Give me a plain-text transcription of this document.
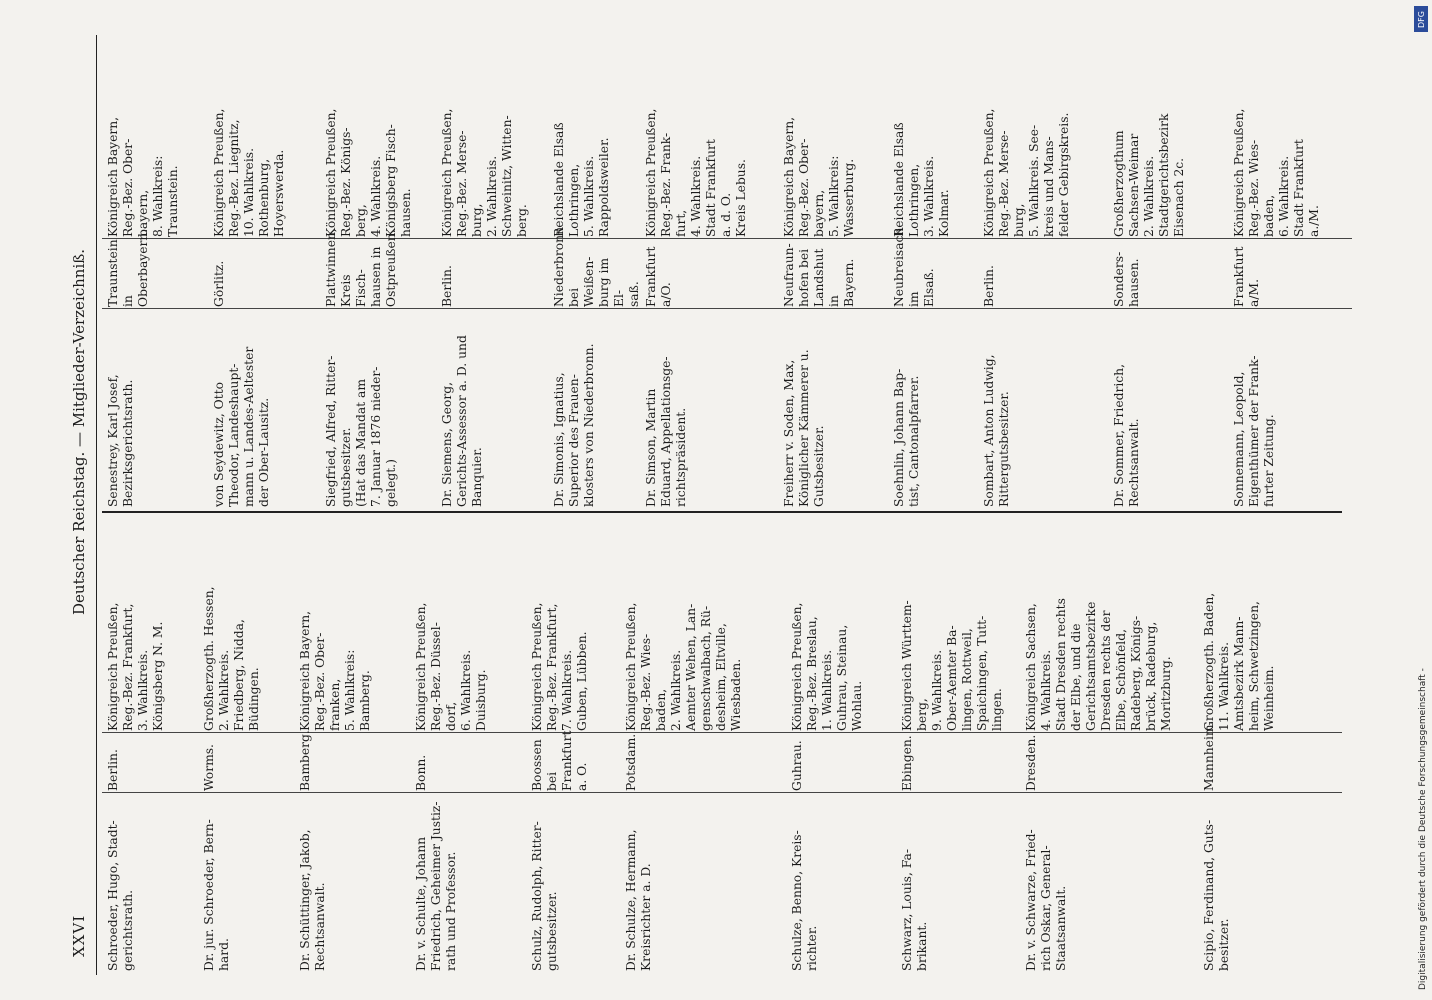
XXVI
Deutscher Reichstag. — Mitglieder-Verzeichniß.
Schroeder, Hugo, Stadt-
gerichtsrath.
Berlin.
Königreich Preußen,
Reg.-Bez. Frankfurt,
3. Wahlkreis.
Königsberg N. M.
Dr. jur. Schroeder, Bern-
hard.
Worms.
Großherzogth. Hessen,
2. Wahlkreis.
Friedberg, Nidda,
Büdingen.
Dr. Schüttinger, Jakob,
Rechtsanwalt.
Bamberg.
Königreich Bayern,
Reg.-Bez. Ober-
franken,
5. Wahlkreis:
Bamberg.
Dr. v. Schulte, Johann
Friedrich, Geheimer Justiz-
rath und Professor.
Bonn.
Königreich Preußen,
Reg.-Bez. Düssel-
dorf,
6. Wahlkreis.
Duisburg.
Schulz, Rudolph, Ritter-
gutsbesitzer.
Boossen bei
Frankfurt a. O.
Königreich Preußen,
Reg.-Bez. Frankfurt,
7. Wahlkreis.
Guben, Lübben.
Dr. Schulze, Hermann,
Kreisrichter a. D.
Potsdam.
Königreich Preußen,
Reg.-Bez. Wies-
baden,
2. Wahlkreis.
Aemter Wehen, Lan-
genschwalbach, Rü-
desheim, Eltville,
Wiesbaden.
Schulze, Benno, Kreis-
richter.
Guhrau.
Königreich Preußen,
Reg.-Bez. Breslau,
1. Wahlkreis.
Guhrau, Steinau,
Wohlau.
Schwarz, Louis, Fa-
brikant.
Ebingen.
Königreich Württem-
berg,
9. Wahlkreis.
Ober-Aemter Ba-
lingen, Rottweil,
Spaichingen, Tutt-
lingen.
Dr. v. Schwarze, Fried-
rich Oskar, General-
Staatsanwalt.
Dresden.
Königreich Sachsen,
4. Wahlkreis.
Stadt Dresden rechts
der Elbe, und die
Gerichtsamtsbezirke
Dresden rechts der
Elbe, Schönfeld,
Radeberg, Königs-
brück, Radeburg,
Moritzburg.
Scipio, Ferdinand, Guts-
besitzer.
Mannheim.
Großherzogth. Baden,
11. Wahlkreis.
Amtsbezirk Mann-
heim, Schwetzingen,
Weinheim.
Senestrey, Karl Josef,
Bezirksgerichtsrath.
Traunstein in
Oberbayern.
Königreich Bayern,
Reg.-Bez. Ober-
bayern,
8. Wahlkreis:
Traunstein.
von Seydewitz, Otto
Theodor, Landeshaupt-
mann u. Landes-Aeltester
der Ober-Lausitz.
Görlitz.
Königreich Preußen,
Reg.-Bez. Liegnitz,
10. Wahlkreis.
Rothenburg,
Hoyerswerda.
Siegfried, Alfred, Ritter-
gutsbesitzer.
(Hat das Mandat am
7. Januar 1876 nieder-
gelegt.)
Plattwinnen,
Kreis Fisch-
hausen in
Ostpreußen.
Königreich Preußen,
Reg.-Bez. Königs-
berg,
4. Wahlkreis.
Königsberg Fisch-
hausen.
Dr. Siemens, Georg,
Gerichts-Assessor a. D. und
Banquier.
Berlin.
Königreich Preußen,
Reg.-Bez. Merse-
burg,
2. Wahlkreis.
Schweinitz, Witten-
berg.
Dr. Simonis, Ignatius,
Superior des Frauen-
klosters von Niederbronn.
Niederbronn
bei Weißen-
burg im El-
saß.
Reichslande Elsaß
Lothringen,
5. Wahlkreis.
Rappoldsweiler.
Dr. Simson, Martin
Eduard, Appellationsge-
richtspräsident.
Frankfurt
a/O.
Königreich Preußen,
Reg.-Bez. Frank-
furt,
4. Wahlkreis.
Stadt Frankfurt
a. d. O.
Kreis Lebus.
Freiherr v. Soden, Max,
Königlicher Kämmerer u.
Gutsbesitzer.
Neufraun-
hofen bei
Landshut in
Bayern.
Königreich Bayern,
Reg.-Bez. Ober-
bayern,
5. Wahlkreis:
Wasserburg.
Soehnlin, Johann Bap-
tist, Cantonalpfarrer.
Neubreisach im
Elsaß.
Reichslande Elsaß
Lothringen,
3. Wahlkreis.
Kolmar.
Sombart, Anton Ludwig,
Rittergutsbesitzer.
Berlin.
Königreich Preußen,
Reg.-Bez. Merse-
burg,
5. Wahlkreis. See-
kreis und Mans-
felder Gebirgskreis.
Dr. Sommer, Friedrich,
Rechtsanwalt.
Sonders-
hausen.
Großherzogthum
Sachsen-Weimar
2. Wahlkreis.
Stadtgerichtsbezirk
Eisenach 2c.
Sonnemann, Leopold,
Eigenthümer der Frank-
furter Zeitung.
Frankfurt
a/M.
Königreich Preußen,
Reg.-Bez. Wies-
baden,
6. Wahlkreis.
Stadt Frankfurt
a./M.
DFG
Digitalisierung gefördert durch die Deutsche Forschungsgemeinschaft -
